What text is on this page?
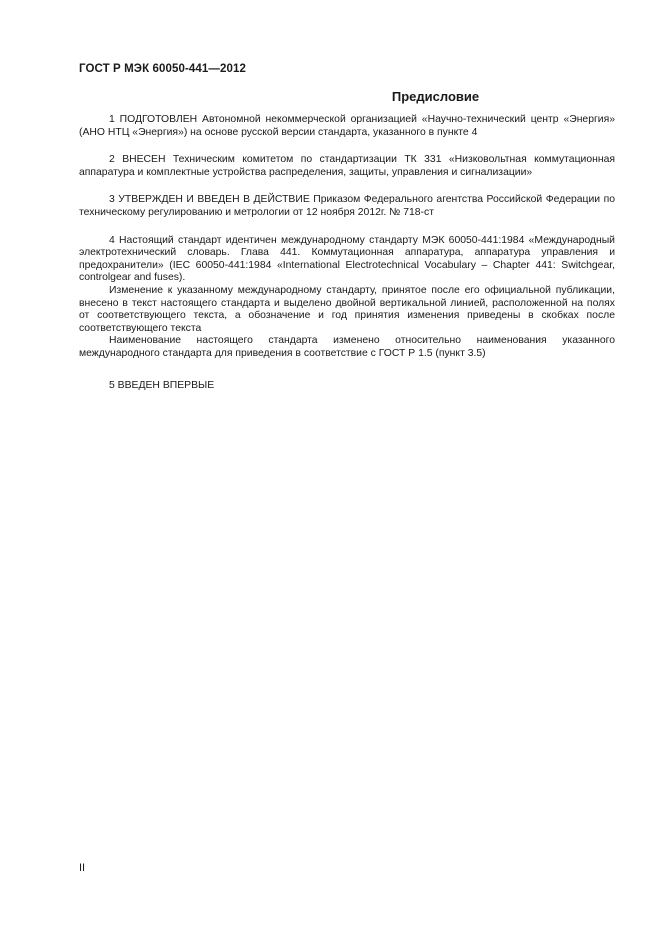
ГОСТ Р МЭК 60050-441—2012
Предисловие

1 ПОДГОТОВЛЕН Автономной некоммерческой организацией «Научно-технический центр «Энергия» (АНО НТЦ «Энергия») на основе русской версии стандарта, указанного в пункте 4

2 ВНЕСЕН Техническим комитетом по стандартизации ТК 331 «Низковольтная коммутационная аппаратура и комплектные устройства распределения, защиты, управления и сигнализации»

3 УТВЕРЖДЕН И ВВЕДЕН В ДЕЙСТВИЕ Приказом Федерального агентства Российской Федерации по техническому регулированию и метрологии от 12 ноября 2012г. № 718-ст

4 Настоящий стандарт идентичен международному стандарту МЭК 60050-441:1984 «Международный электротехнический словарь. Глава 441. Коммутационная аппаратура, аппаратура управления и предохранители» (IEC 60050-441:1984 «International Electrotechnical Vocabulary – Chapter 441: Switchgear, controlgear and fuses).

Изменение к указанному международному стандарту, принятое после его официальной публикации, внесено в текст настоящего стандарта и выделено двойной вертикальной линией, расположенной на полях от соответствующего текста, а обозначение и год принятия изменения приведены в скобках после соответствующего текста

Наименование настоящего стандарта изменено относительно наименования указанного международного стандарта для приведения в соответствие с ГОСТ Р 1.5 (пункт 3.5)

5 ВВЕДЕН ВПЕРВЫЕ

II
